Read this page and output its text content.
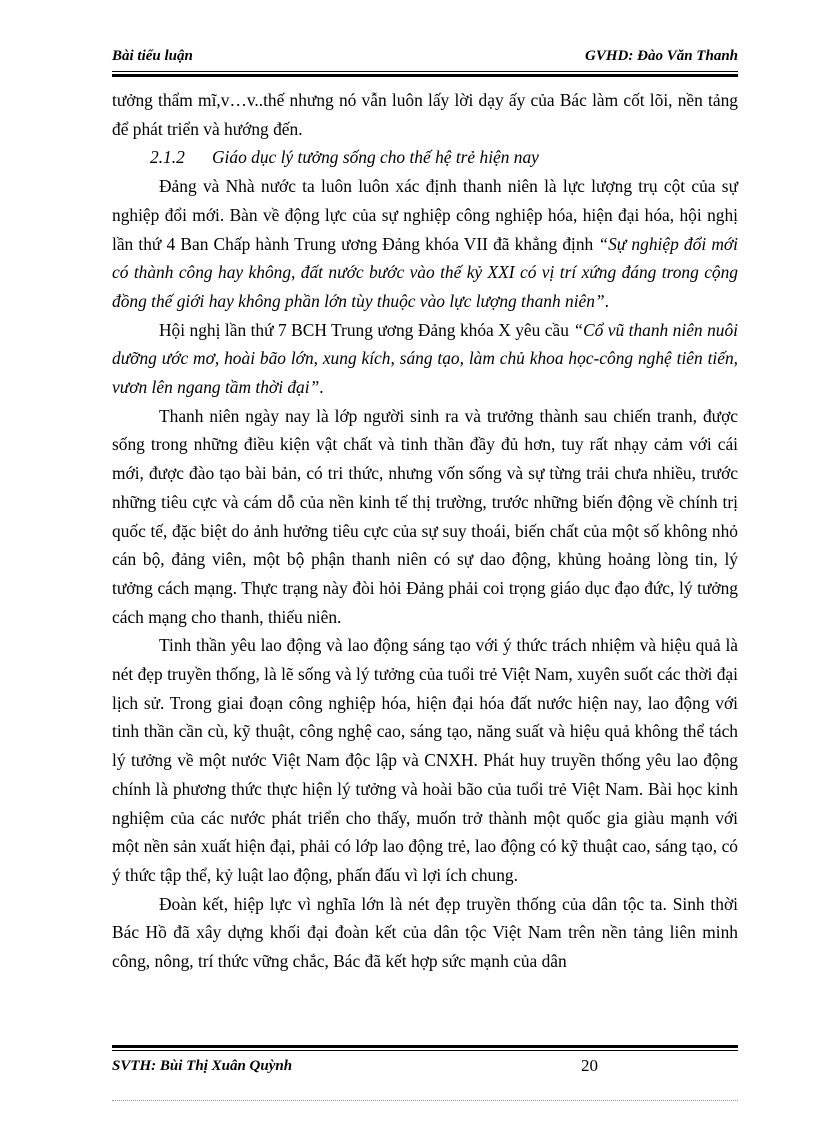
Bài tiểu luận	GVHD: Đào Văn Thanh

tưởng thẩm mĩ,v…v..thế nhưng nó vẫn luôn lấy lời dạy ấy của Bác làm cốt lõi, nền tảng để phát triển và hướng đến.

2.1.2 Giáo dục lý tưởng sống cho thế hệ trẻ hiện nay

Đảng và Nhà nước ta luôn luôn xác định thanh niên là lực lượng trụ cột của sự nghiệp đổi mới. Bàn về động lực của sự nghiệp công nghiệp hóa, hiện đại hóa, hội nghị lần thứ 4 Ban Chấp hành Trung ương Đảng khóa VII đã khẳng định “Sự nghiệp đổi mới có thành công hay không, đất nước bước vào thế kỷ XXI có vị trí xứng đáng trong cộng đồng thế giới hay không phần lớn tùy thuộc vào lực lượng thanh niên”.

Hội nghị lần thứ 7 BCH Trung ương Đảng khóa X yêu cầu “Cổ vũ thanh niên nuôi dưỡng ước mơ, hoài bão lớn, xung kích, sáng tạo, làm chủ khoa học-công nghệ tiên tiến, vươn lên ngang tầm thời đại”.

Thanh niên ngày nay là lớp người sinh ra và trưởng thành sau chiến tranh, được sống trong những điều kiện vật chất và tinh thần đầy đủ hơn, tuy rất nhạy cảm với cái mới, được đào tạo bài bản, có tri thức, nhưng vốn sống và sự từng trải chưa nhiều, trước những tiêu cực và cám dỗ của nền kinh tế thị trường, trước những biến động về chính trị quốc tế, đặc biệt do ảnh hưởng tiêu cực của sự suy thoái, biến chất của một số không nhỏ cán bộ, đảng viên, một bộ phận thanh niên có sự dao động, khủng hoảng lòng tin, lý tưởng cách mạng. Thực trạng này đòi hỏi Đảng phải coi trọng giáo dục đạo đức, lý tưởng cách mạng cho thanh, thiếu niên.

Tinh thần yêu lao động và lao động sáng tạo với ý thức trách nhiệm và hiệu quả là nét đẹp truyền thống, là lẽ sống và lý tưởng của tuổi trẻ Việt Nam, xuyên suốt các thời đại lịch sử. Trong giai đoạn công nghiệp hóa, hiện đại hóa đất nước hiện nay, lao động với tinh thần cần cù, kỹ thuật, công nghệ cao, sáng tạo, năng suất và hiệu quả không thể tách lý tưởng về một nước Việt Nam độc lập và CNXH. Phát huy truyền thống yêu lao động chính là phương thức thực hiện lý tưởng và hoài bão của tuổi trẻ Việt Nam. Bài học kinh nghiệm của các nước phát triển cho thấy, muốn trở thành một quốc gia giàu mạnh với một nền sản xuất hiện đại, phải có lớp lao động trẻ, lao động có kỹ thuật cao, sáng tạo, có ý thức tập thể, kỷ luật lao động, phấn đấu vì lợi ích chung.

Đoàn kết, hiệp lực vì nghĩa lớn là nét đẹp truyền thống của dân tộc ta. Sinh thời Bác Hồ đã xây dựng khối đại đoàn kết của dân tộc Việt Nam trên nền tảng liên minh công, nông, trí thức vững chắc, Bác đã kết hợp sức mạnh của dân

SVTH: Bùi Thị Xuân Quỳnh	20
